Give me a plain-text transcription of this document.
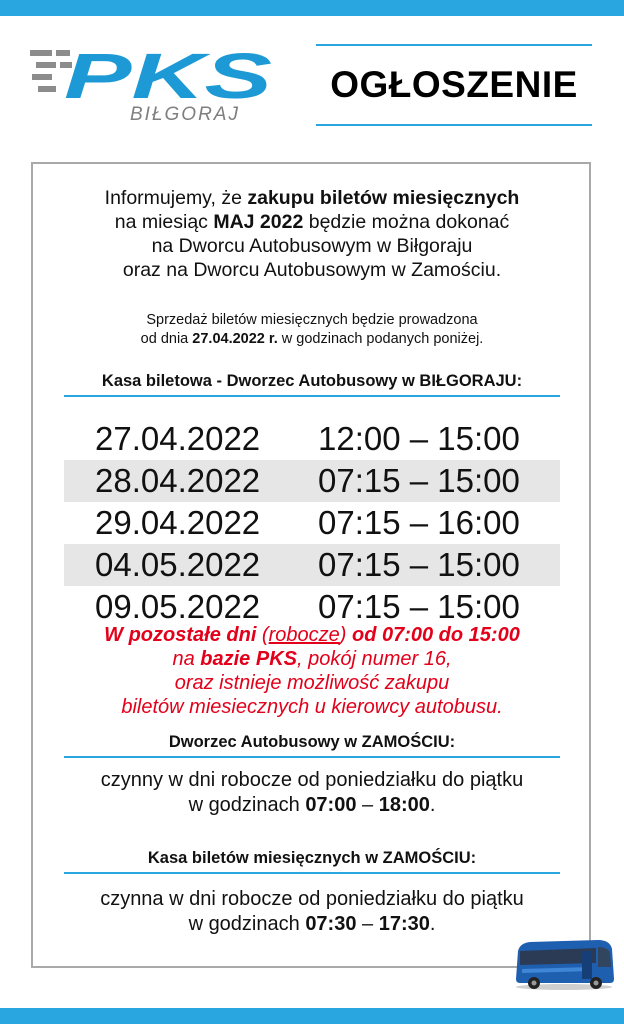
PKS
BIŁGORAJ
OGŁOSZENIE

Informujemy, że zakupu biletów miesięcznych

na miesiąc MAJ 2022 będzie można dokonać

na Dworcu Autobusowym w Biłgoraju

oraz na Dworcu Autobusowym w Zamościu.

Sprzedaż biletów miesięcznych będzie prowadzona

od dnia 27.04.2022 r. w godzinach podanych poniżej.

Kasa biletowa - Dworzec Autobusowy w BIŁGORAJU:
27.04.2022	12:00 – 15:00
28.04.2022	07:15 – 15:00
29.04.2022	07:15 – 16:00
04.05.2022	07:15 – 15:00
09.05.2022	07:15 – 15:00

W pozostałe dni (robocze) od 07:00 do 15:00

na bazie PKS, pokój numer 16,

oraz istnieje możliwość zakupu

biletów miesiecznych u kierowcy autobusu.

Dworzec Autobusowy w ZAMOŚCIU:

czynny w dni robocze od poniedziałku do piątku

w godzinach 07:00 – 18:00.

Kasa biletów miesięcznych w ZAMOŚCIU:

czynna w dni robocze od poniedziałku do piątku

w godzinach 07:30 – 17:30.
